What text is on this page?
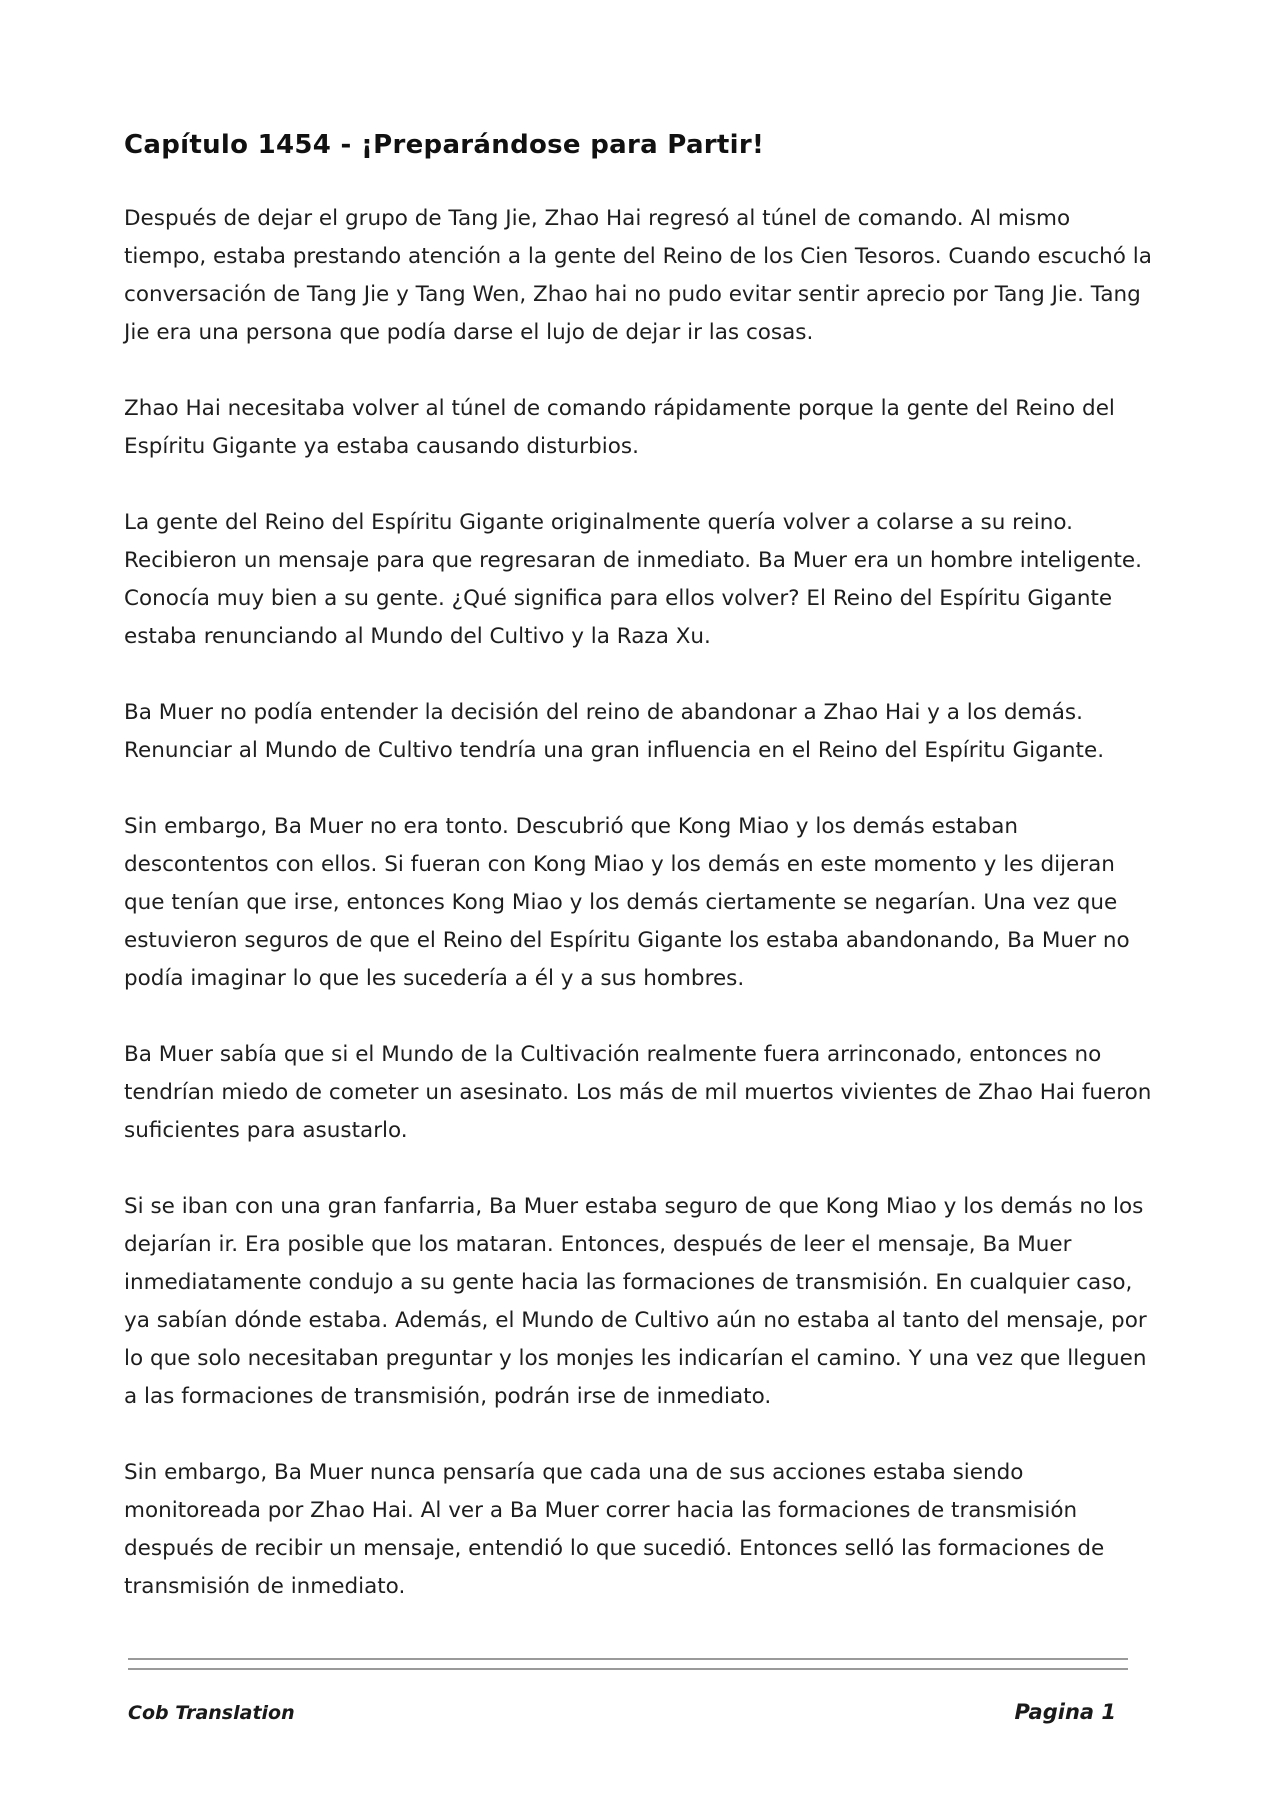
Capítulo 1454 - ¡Preparándose para Partir!

Después de dejar el grupo de Tang Jie, Zhao Hai regresó al túnel de comando. Al mismo tiempo, estaba prestando atención a la gente del Reino de los Cien Tesoros. Cuando escuchó la conversación de Tang Jie y Tang Wen, Zhao hai no pudo evitar sentir aprecio por Tang Jie. Tang Jie era una persona que podía darse el lujo de dejar ir las cosas.

Zhao Hai necesitaba volver al túnel de comando rápidamente porque la gente del Reino del Espíritu Gigante ya estaba causando disturbios.

La gente del Reino del Espíritu Gigante originalmente quería volver a colarse a su reino. Recibieron un mensaje para que regresaran de inmediato. Ba Muer era un hombre inteligente. Conocía muy bien a su gente. ¿Qué significa para ellos volver? El Reino del Espíritu Gigante estaba renunciando al Mundo del Cultivo y la Raza Xu.

Ba Muer no podía entender la decisión del reino de abandonar a Zhao Hai y a los demás. Renunciar al Mundo de Cultivo tendría una gran influencia en el Reino del Espíritu Gigante.

Sin embargo, Ba Muer no era tonto. Descubrió que Kong Miao y los demás estaban descontentos con ellos. Si fueran con Kong Miao y los demás en este momento y les dijeran que tenían que irse, entonces Kong Miao y los demás ciertamente se negarían. Una vez que estuvieron seguros de que el Reino del Espíritu Gigante los estaba abandonando, Ba Muer no podía imaginar lo que les sucedería a él y a sus hombres.

Ba Muer sabía que si el Mundo de la Cultivación realmente fuera arrinconado, entonces no tendrían miedo de cometer un asesinato. Los más de mil muertos vivientes de Zhao Hai fueron suficientes para asustarlo.

Si se iban con una gran fanfarria, Ba Muer estaba seguro de que Kong Miao y los demás no los dejarían ir. Era posible que los mataran. Entonces, después de leer el mensaje, Ba Muer inmediatamente condujo a su gente hacia las formaciones de transmisión. En cualquier caso, ya sabían dónde estaba. Además, el Mundo de Cultivo aún no estaba al tanto del mensaje, por lo que solo necesitaban preguntar y los monjes les indicarían el camino. Y una vez que lleguen a las formaciones de transmisión, podrán irse de inmediato.

Sin embargo, Ba Muer nunca pensaría que cada una de sus acciones estaba siendo monitoreada por Zhao Hai. Al ver a Ba Muer correr hacia las formaciones de transmisión después de recibir un mensaje, entendió lo que sucedió. Entonces selló las formaciones de transmisión de inmediato.

Cob Translation	Pagina 1
